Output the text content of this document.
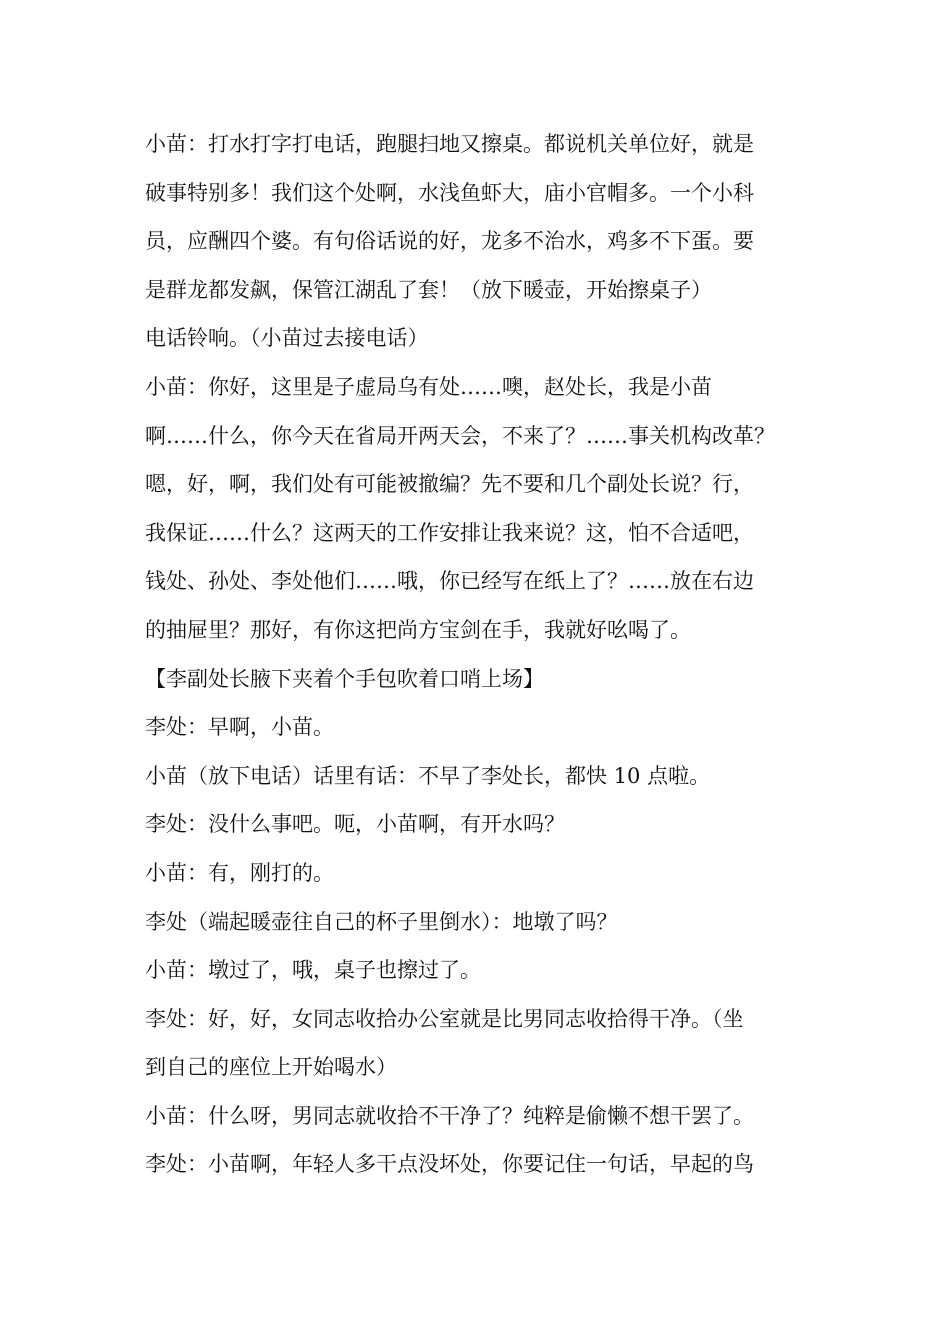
小苗：打水打字打电话，跑腿扫地又擦桌。都说机关单位好，就是
破事特别多！我们这个处啊，水浅鱼虾大，庙小官帽多。一个小科
员，应酬四个婆。有句俗话说的好，龙多不治水，鸡多不下蛋。要
是群龙都发飙，保管江湖乱了套！（放下暖壶，开始擦桌子）
电话铃响。（小苗过去接电话）
小苗：你好，这里是子虚局乌有处……噢，赵处长，我是小苗
啊……什么，你今天在省局开两天会，不来了？……事关机构改革？
嗯，好，啊，我们处有可能被撤编？先不要和几个副处长说？行，
我保证……什么？这两天的工作安排让我来说？这，怕不合适吧，
钱处、孙处、李处他们……哦，你已经写在纸上了？……放在右边
的抽屉里？那好，有你这把尚方宝剑在手，我就好吆喝了。
【李副处长腋下夹着个手包吹着口哨上场】
李处：早啊，小苗。
小苗（放下电话）话里有话：不早了李处长，都快 10 点啦。
李处：没什么事吧。呃，小苗啊，有开水吗？
小苗：有，刚打的。
李处（端起暖壶往自己的杯子里倒水）：地墩了吗？
小苗：墩过了，哦，桌子也擦过了。
李处：好，好，女同志收拾办公室就是比男同志收拾得干净。（坐
到自己的座位上开始喝水）
小苗：什么呀，男同志就收拾不干净了？纯粹是偷懒不想干罢了。
李处：小苗啊，年轻人多干点没坏处，你要记住一句话，早起的鸟
